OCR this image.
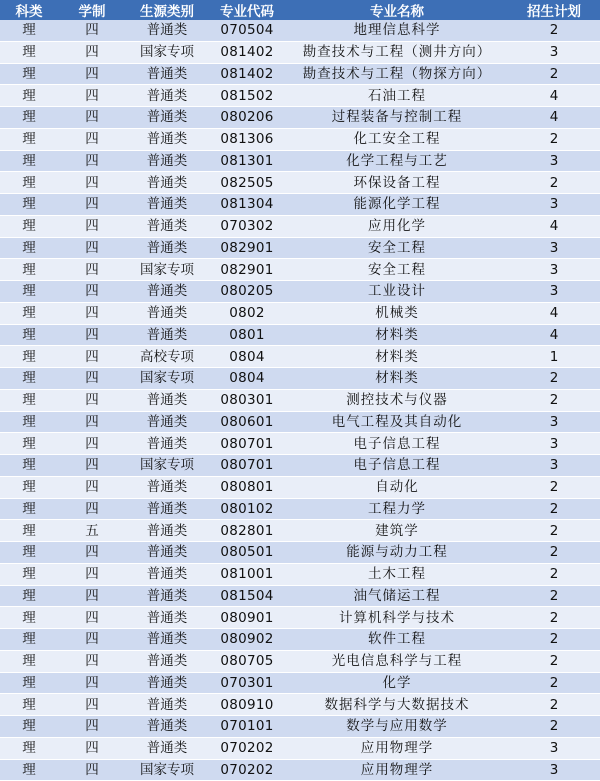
科类	学制	生源类别	专业代码	专业名称	招生计划
理	四	普通类	070504	地理信息科学	2
理	四	国家专项	081402	勘查技术与工程（测井方向）	3
理	四	普通类	081402	勘查技术与工程（物探方向）	2
理	四	普通类	081502	石油工程	4
理	四	普通类	080206	过程装备与控制工程	4
理	四	普通类	081306	化工安全工程	2
理	四	普通类	081301	化学工程与工艺	3
理	四	普通类	082505	环保设备工程	2
理	四	普通类	081304	能源化学工程	3
理	四	普通类	070302	应用化学	4
理	四	普通类	082901	安全工程	3
理	四	国家专项	082901	安全工程	3
理	四	普通类	080205	工业设计	3
理	四	普通类	0802	机械类	4
理	四	普通类	0801	材料类	4
理	四	高校专项	0804	材料类	1
理	四	国家专项	0804	材料类	2
理	四	普通类	080301	测控技术与仪器	2
理	四	普通类	080601	电气工程及其自动化	3
理	四	普通类	080701	电子信息工程	3
理	四	国家专项	080701	电子信息工程	3
理	四	普通类	080801	自动化	2
理	四	普通类	080102	工程力学	2
理	五	普通类	082801	建筑学	2
理	四	普通类	080501	能源与动力工程	2
理	四	普通类	081001	土木工程	2
理	四	普通类	081504	油气储运工程	2
理	四	普通类	080901	计算机科学与技术	2
理	四	普通类	080902	软件工程	2
理	四	普通类	080705	光电信息科学与工程	2
理	四	普通类	070301	化学	2
理	四	普通类	080910	数据科学与大数据技术	2
理	四	普通类	070101	数学与应用数学	2
理	四	普通类	070202	应用物理学	3
理	四	国家专项	070202	应用物理学	3
